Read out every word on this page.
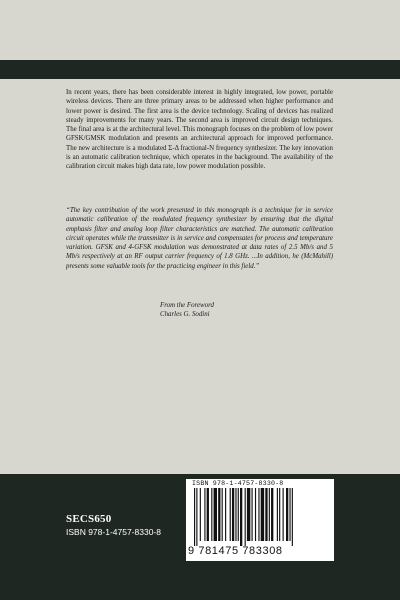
In recent years, there has been considerable interest in highly integrated, low power, portable wireless devices. There are three primary areas to be addressed when higher performance and lower power is desired. The first area is the device technology. Scaling of devices has realized steady improvements for many years. The second area is improved circuit design techniques. The final area is at the architectural level. This monograph focuses on the problem of low power GFSK/GMSK modulation and presents an architectural approach for improved performance. The new architecture is a modulated Σ-Δ fractional-N frequency synthesizer. The key innovation is an automatic calibration technique, which operates in the background. The availability of the calibration circuit makes high data rate, low power modulation possible.

“The key contribution of the work presented in this monograph is a technique for in service automatic calibration of the modulated frequency synthesizer by ensuring that the digital emphasis filter and analog loop filter characteristics are matched. The automatic calibration circuit operates while the transmitter is in service and compensates for process and temperature variation. GFSK and 4-GFSK modulation was demonstrated at data rates of 2.5 Mb/s and 5 Mb/s respectively at an RF output carrier frequency of 1.8 GHz. ...In addition, he (McMahill) presents some valuable tools for the practicing engineer in this field.”

From the Foreword
Charles G. Sodini
SECS650
ISBN 978-1-4757-8330-8
ISBN 978-1-4757-8330-8
9 781475 783308
